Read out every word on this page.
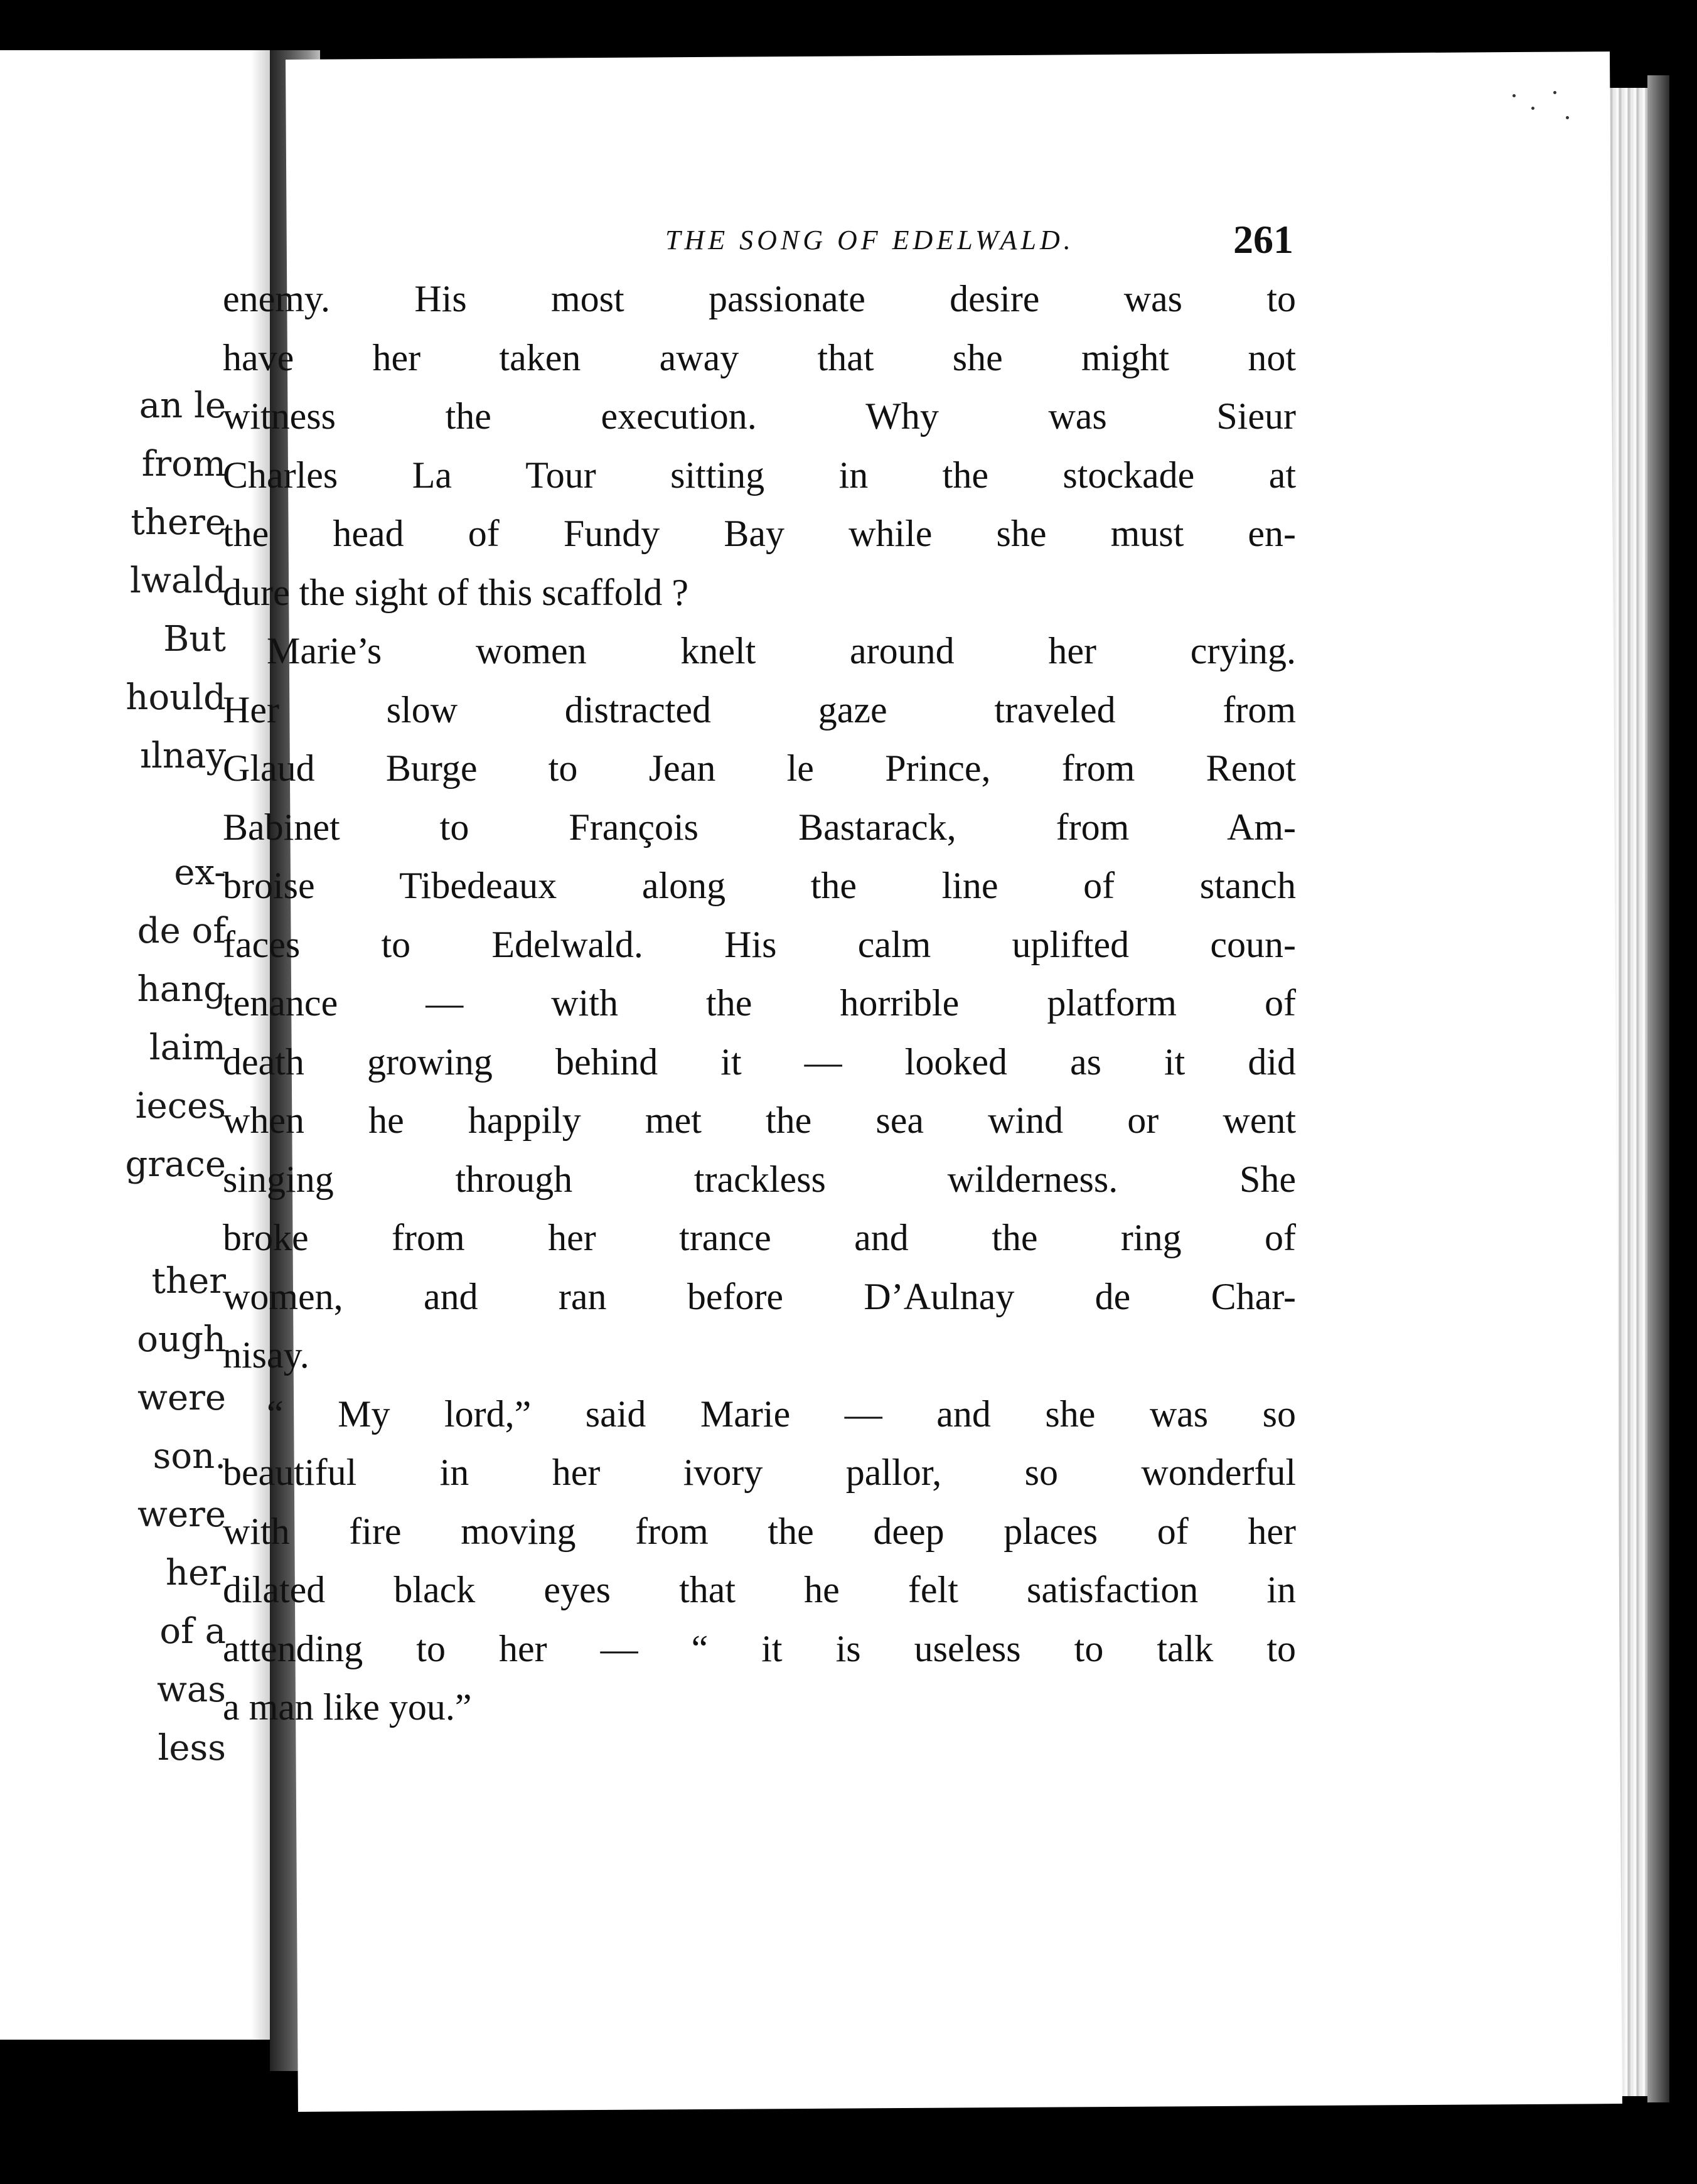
an le
from
there
lwald
But
hould
ılnay
ex-
de of
hang
laim
ieces
grace
ther
ough
were
son.
were
her
of a
was
less
THE SONG OF EDELWALD.	261
enemy. His most passionate desire was to
have her taken away that she might not
witness the execution. Why was Sieur
Charles La Tour sitting in the stockade at
the head of Fundy Bay while she must en-
dure the sight of this scaffold ?
Marie’s women knelt around her crying.
Her slow distracted gaze traveled from
Glaud Burge to Jean le Prince, from Renot
Babinet to François Bastarack, from Am-
broise Tibedeaux along the line of stanch
faces to Edelwald. His calm uplifted coun-
tenance — with the horrible platform of
death growing behind it — looked as it did
when he happily met the sea wind or went
singing through trackless wilderness. She
broke from her trance and the ring of
women, and ran before D’Aulnay de Char-
nisay.
“ My lord,” said Marie — and she was so
beautiful in her ivory pallor, so wonderful
with fire moving from the deep places of her
dilated black eyes that he felt satisfaction in
attending to her — “ it is useless to talk to
a man like you.”
